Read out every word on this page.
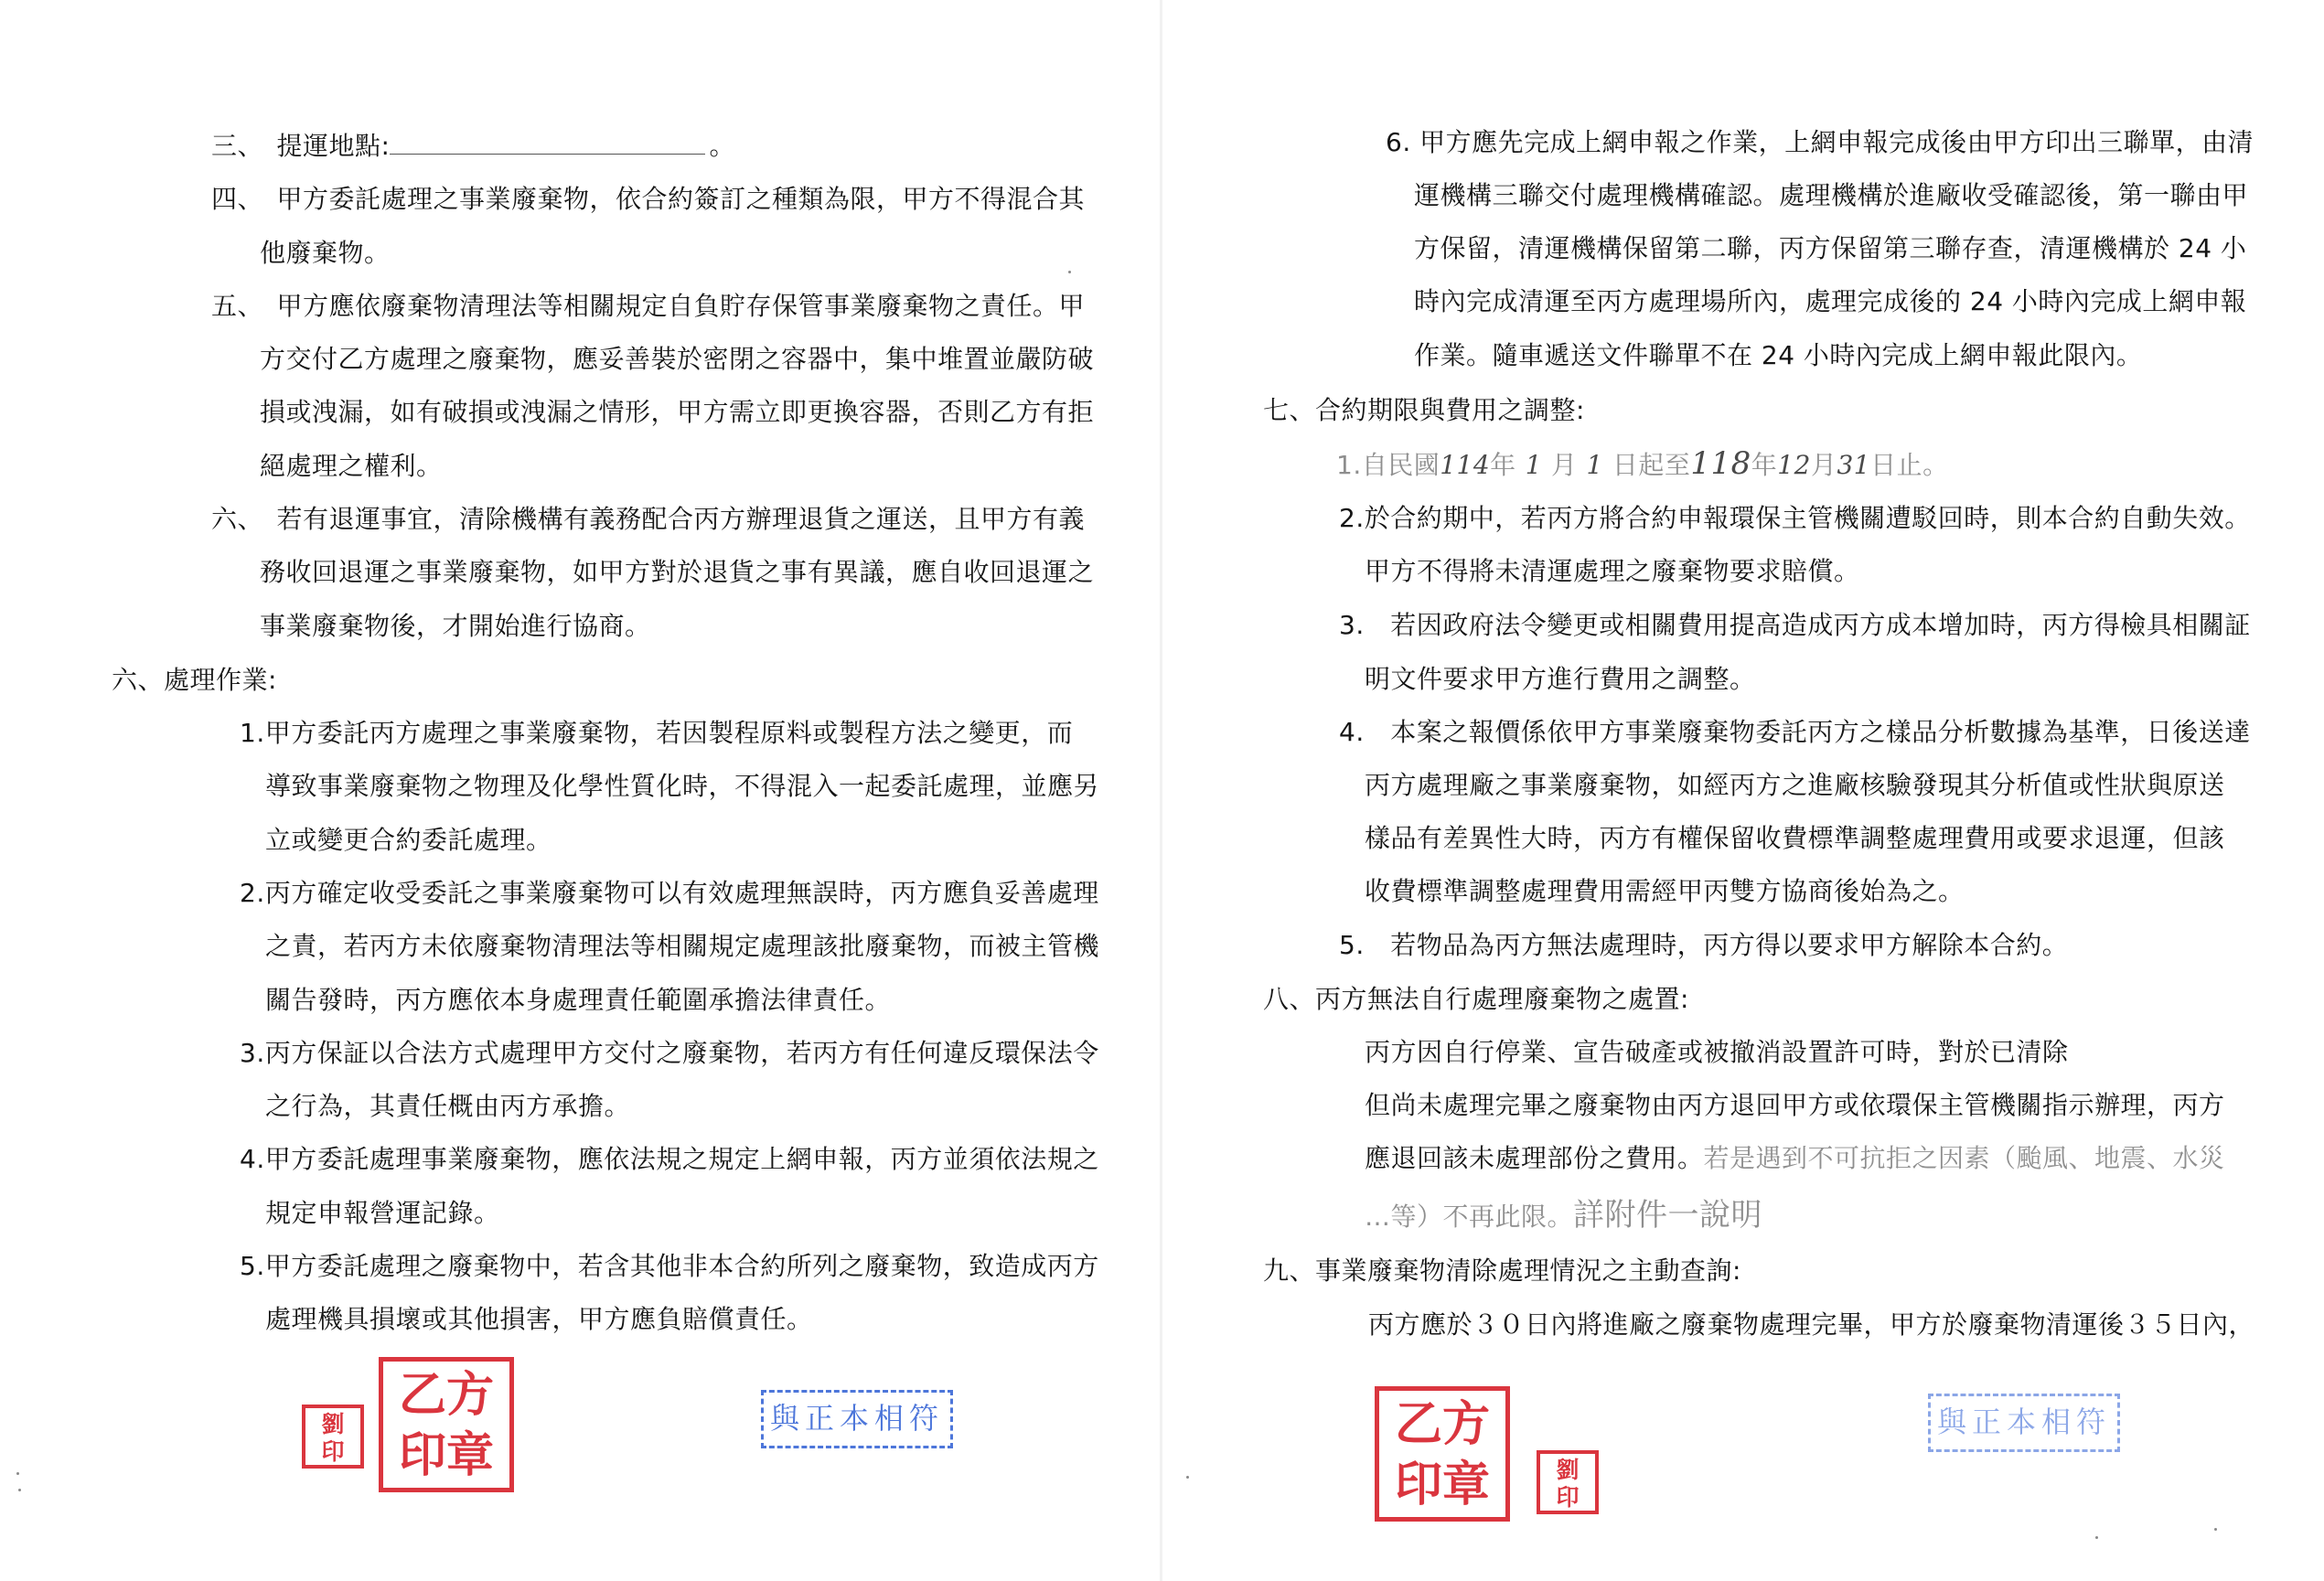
三、　提運地點:	。
四、　甲方委託處理之事業廢棄物，依合約簽訂之種類為限，甲方不得混合其
他廢棄物。
五、　甲方應依廢棄物清理法等相關規定自負貯存保管事業廢棄物之責任。甲
方交付乙方處理之廢棄物，應妥善裝於密閉之容器中，集中堆置並嚴防破
損或洩漏，如有破損或洩漏之情形，甲方需立即更換容器，否則乙方有拒
絕處理之權利。
六、　若有退運事宜，清除機構有義務配合丙方辦理退貨之運送，且甲方有義
務收回退運之事業廢棄物，如甲方對於退貨之事有異議，應自收回退運之
事業廢棄物後，才開始進行協商。
六、處理作業:
1.甲方委託丙方處理之事業廢棄物，若因製程原料或製程方法之變更，而
導致事業廢棄物之物理及化學性質化時，不得混入一起委託處理，並應另
立或變更合約委託處理。
2.丙方確定收受委託之事業廢棄物可以有效處理無誤時，丙方應負妥善處理
之責，若丙方未依廢棄物清理法等相關規定處理該批廢棄物，而被主管機
關告發時，丙方應依本身處理責任範圍承擔法律責任。
3.丙方保証以合法方式處理甲方交付之廢棄物，若丙方有任何違反環保法令
之行為，其責任概由丙方承擔。
4.甲方委託處理事業廢棄物，應依法規之規定上網申報，丙方並須依法規之
規定申報營運記錄。
5.甲方委託處理之廢棄物中，若含其他非本合約所列之廢棄物，致造成丙方
處理機具損壞或其他損害，甲方應負賠償責任。
劉
印
乙方
印章
與正本相符
6. 甲方應先完成上網申報之作業，上網申報完成後由甲方印出三聯單，由清
運機構三聯交付處理機構確認。處理機構於進廠收受確認後，第一聯由甲
方保留，清運機構保留第二聯，丙方保留第三聯存查，清運機構於 24 小
時內完成清運至丙方處理場所內，處理完成後的 24 小時內完成上網申報
作業。隨車遞送文件聯單不在 24 小時內完成上網申報此限內。
七、合約期限與費用之調整:
1.自民國114年 1 月 1 日起至118年12月31日止。
2.於合約期中，若丙方將合約申報環保主管機關遭駁回時，則本合約自動失效。
甲方不得將未清運處理之廢棄物要求賠償。
3.　若因政府法令變更或相關費用提高造成丙方成本增加時，丙方得檢具相關証
明文件要求甲方進行費用之調整。
4.　本案之報價係依甲方事業廢棄物委託丙方之樣品分析數據為基準，日後送達
丙方處理廠之事業廢棄物，如經丙方之進廠核驗發現其分析值或性狀與原送
樣品有差異性大時，丙方有權保留收費標準調整處理費用或要求退運，但該
收費標準調整處理費用需經甲丙雙方協商後始為之。
5.　若物品為丙方無法處理時，丙方得以要求甲方解除本合約。
八、丙方無法自行處理廢棄物之處置:
丙方因自行停業、宣告破產或被撤消設置許可時，對於已清除
但尚未處理完畢之廢棄物由丙方退回甲方或依環保主管機關指示辦理，丙方
應退回該未處理部份之費用。若是遇到不可抗拒之因素（颱風、地震、水災
…等）不再此限。詳附件一說明
九、事業廢棄物清除處理情況之主動查詢:
丙方應於３０日內將進廠之廢棄物處理完畢，甲方於廢棄物清運後３５日內，
乙方
印章	劉
印
與正本相符
